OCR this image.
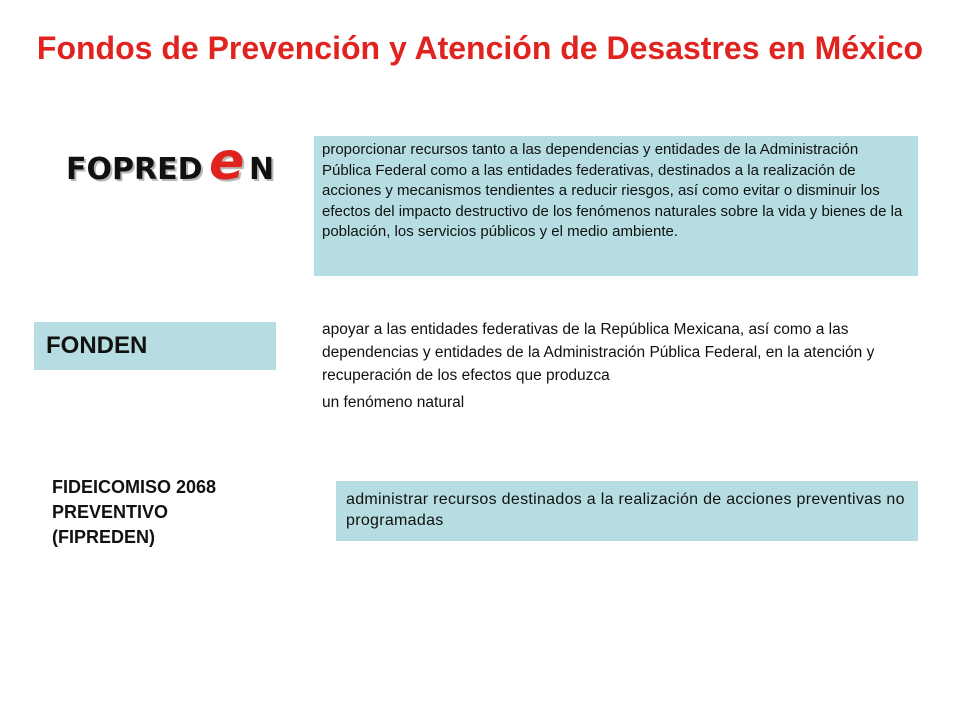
Fondos de Prevención y Atención de Desastres en México
FOPRED e N
proporcionar recursos tanto a las dependencias y entidades de la Administración Pública Federal como a las entidades federativas, destinados a la realización de acciones y mecanismos tendientes a reducir riesgos, así como evitar o disminuir los efectos del impacto destructivo de los fenómenos naturales sobre la vida y bienes de la población, los servicios públicos y el medio ambiente.
FONDEN
apoyar a las entidades federativas de la República Mexicana, así como a las dependencias y entidades de la Administración Pública Federal, en la atención y recuperación de los efectos que produzca
un fenómeno natural
FIDEICOMISO 2068
PREVENTIVO
(FIPREDEN)
administrar recursos destinados a la realización de acciones preventivas no programadas
